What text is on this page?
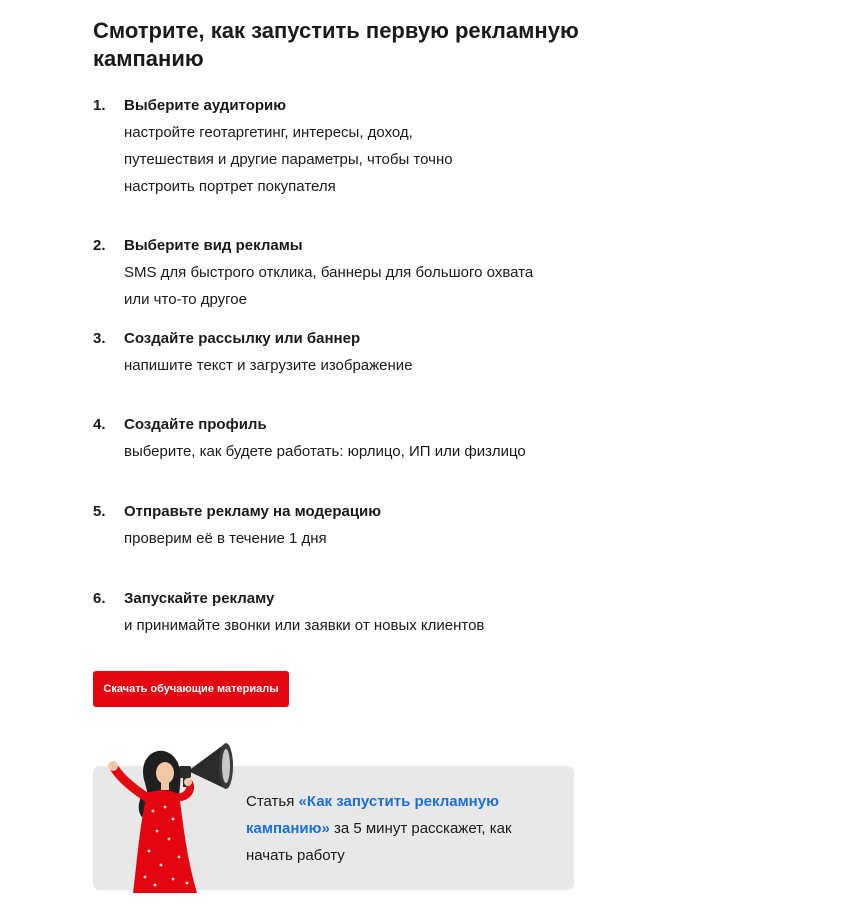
Смотрите, как запустить первую рекламную кампанию
1. Выберите аудиторию
настройте геотаргетинг, интересы, доход, путешествия и другие параметры, чтобы точно настроить портрет покупателя
2. Выберите вид рекламы
SMS для быстрого отклика, баннеры для большого охвата или что-то другое
3. Создайте рассылку или баннер
напишите текст и загрузите изображение
4. Создайте профиль
выберите, как будете работать: юрлицо, ИП или физлицо
5. Отправьте рекламу на модерацию
проверим её в течение 1 дня
6. Запускайте рекламу
и принимайте звонки или заявки от новых клиентов
Скачать обучающие материалы
Статья «Как запустить рекламную кампанию» за 5 минут расскажет, как начать работу
